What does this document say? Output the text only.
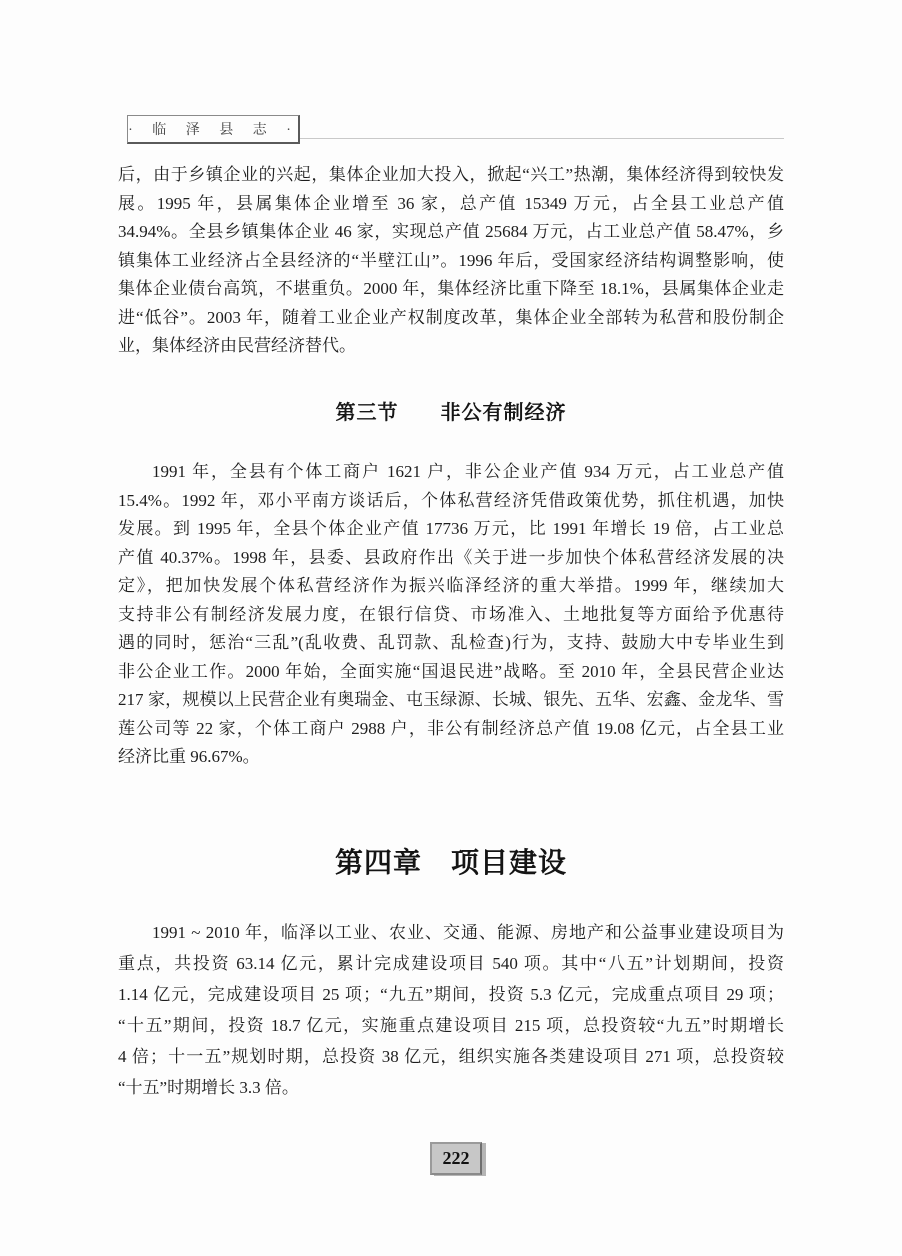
· 临 泽 县 志 ·
后，由于乡镇企业的兴起，集体企业加大投入，掀起“兴工”热潮，集体经济得到较快发
展。1995 年，县属集体企业增至 36 家，总产值 15349 万元，占全县工业总产值
34.94%。全县乡镇集体企业 46 家，实现总产值 25684 万元，占工业总产值 58.47%，乡
镇集体工业经济占全县经济的“半壁江山”。1996 年后，受国家经济结构调整影响，使
集体企业债台高筑，不堪重负。2000 年，集体经济比重下降至 18.1%，县属集体企业走
进“低谷”。2003 年，随着工业企业产权制度改革，集体企业全部转为私营和股份制企
业，集体经济由民营经济替代。
第三节　　非公有制经济
1991 年，全县有个体工商户 1621 户，非公企业产值 934 万元，占工业总产值
15.4%。1992 年，邓小平南方谈话后，个体私营经济凭借政策优势，抓住机遇，加快
发展。到 1995 年，全县个体企业产值 17736 万元，比 1991 年增长 19 倍，占工业总
产值 40.37%。1998 年，县委、县政府作出《关于进一步加快个体私营经济发展的决
定》，把加快发展个体私营经济作为振兴临泽经济的重大举措。1999 年，继续加大
支持非公有制经济发展力度，在银行信贷、市场准入、土地批复等方面给予优惠待
遇的同时，惩治“三乱”(乱收费、乱罚款、乱检查)行为，支持、鼓励大中专毕业生到
非公企业工作。2000 年始，全面实施“国退民进”战略。至 2010 年，全县民营企业达
217 家，规模以上民营企业有奥瑞金、屯玉绿源、长城、银先、五华、宏鑫、金龙华、雪
莲公司等 22 家，个体工商户 2988 户，非公有制经济总产值 19.08 亿元，占全县工业
经济比重 96.67%。
第四章　项目建设
1991 ~ 2010 年，临泽以工业、农业、交通、能源、房地产和公益事业建设项目为
重点，共投资 63.14 亿元，累计完成建设项目 540 项。其中“八五”计划期间，投资
1.14 亿元，完成建设项目 25 项；“九五”期间，投资 5.3 亿元，完成重点项目 29 项；
“十五”期间，投资 18.7 亿元，实施重点建设项目 215 项，总投资较“九五”时期增长
4 倍；十一五”规划时期，总投资 38 亿元，组织实施各类建设项目 271 项，总投资较
“十五”时期增长 3.3 倍。
222
